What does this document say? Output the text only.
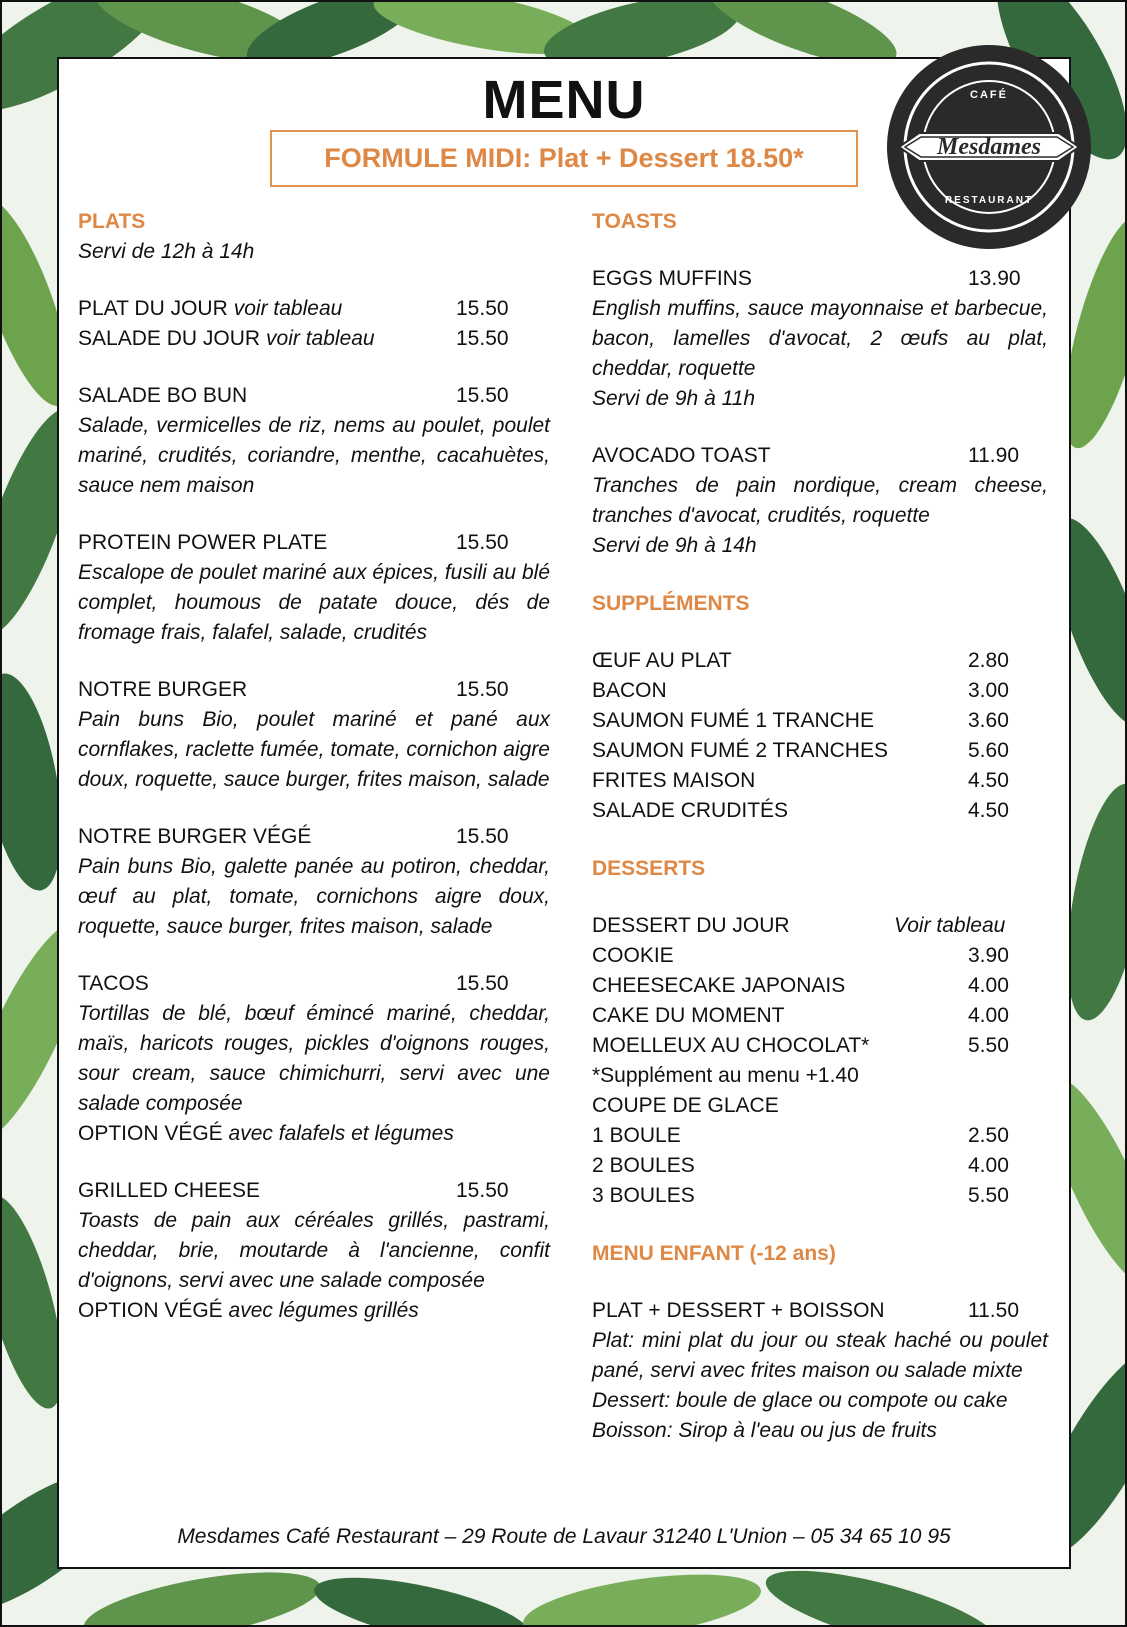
MENU
FORMULE MIDI: Plat + Dessert 18.50*
CAFÉ
Mesdames
RESTAURANT
PLATS
Servi de 12h à 14h
PLAT DU JOUR voir tableau	15.50
SALADE DU JOUR voir tableau	15.50
SALADE BO BUN	15.50
Salade, vermicelles de riz, nems au poulet, poulet mariné, crudités, coriandre, menthe, cacahuètes, sauce nem maison
PROTEIN POWER PLATE	15.50
Escalope de poulet mariné aux épices, fusili au blé complet, houmous de patate douce, dés de fromage frais, falafel, salade, crudités
NOTRE BURGER	15.50
Pain buns Bio, poulet mariné et pané aux cornflakes, raclette fumée, tomate, cornichon aigre doux, roquette, sauce burger, frites maison, salade
NOTRE BURGER VÉGÉ	15.50
Pain buns Bio, galette panée au potiron, cheddar, œuf au plat, tomate, cornichons aigre doux, roquette, sauce burger, frites maison, salade
TACOS	15.50
Tortillas de blé, bœuf émincé mariné, cheddar, maïs, haricots rouges, pickles d'oignons rouges, sour cream, sauce chimichurri, servi avec une salade composée
OPTION VÉGÉ avec falafels et légumes
GRILLED CHEESE	15.50
Toasts de pain aux céréales grillés, pastrami, cheddar, brie, moutarde à l'ancienne, confit d'oignons, servi avec une salade composée
OPTION VÉGÉ avec légumes grillés
TOASTS
EGGS MUFFINS	13.90
English muffins, sauce mayonnaise et barbecue, bacon, lamelles d'avocat, 2 œufs au plat, cheddar, roquette
Servi de 9h à 11h
AVOCADO TOAST	11.90
Tranches de pain nordique, cream cheese, tranches d'avocat, crudités, roquette
Servi de 9h à 14h
SUPPLÉMENTS
ŒUF AU PLAT	2.80
BACON	3.00
SAUMON FUMÉ 1 TRANCHE	3.60
SAUMON FUMÉ 2 TRANCHES	5.60
FRITES MAISON	4.50
SALADE CRUDITÉS	4.50
DESSERTS
DESSERT DU JOUR	Voir tableau
COOKIE	3.90
CHEESECAKE JAPONAIS	4.00
CAKE DU MOMENT	4.00
MOELLEUX AU CHOCOLAT*	5.50
*Supplément au menu +1.40
COUPE DE GLACE
1 BOULE	2.50
2 BOULES	4.00
3 BOULES	5.50
MENU ENFANT (-12 ans)
PLAT + DESSERT + BOISSON	11.50
Plat: mini plat du jour ou steak haché ou poulet pané, servi avec frites maison ou salade mixte
Dessert: boule de glace ou compote ou cake
Boisson: Sirop à l'eau ou jus de fruits
Mesdames Café Restaurant – 29 Route de Lavaur 31240 L'Union – 05 34 65 10 95
